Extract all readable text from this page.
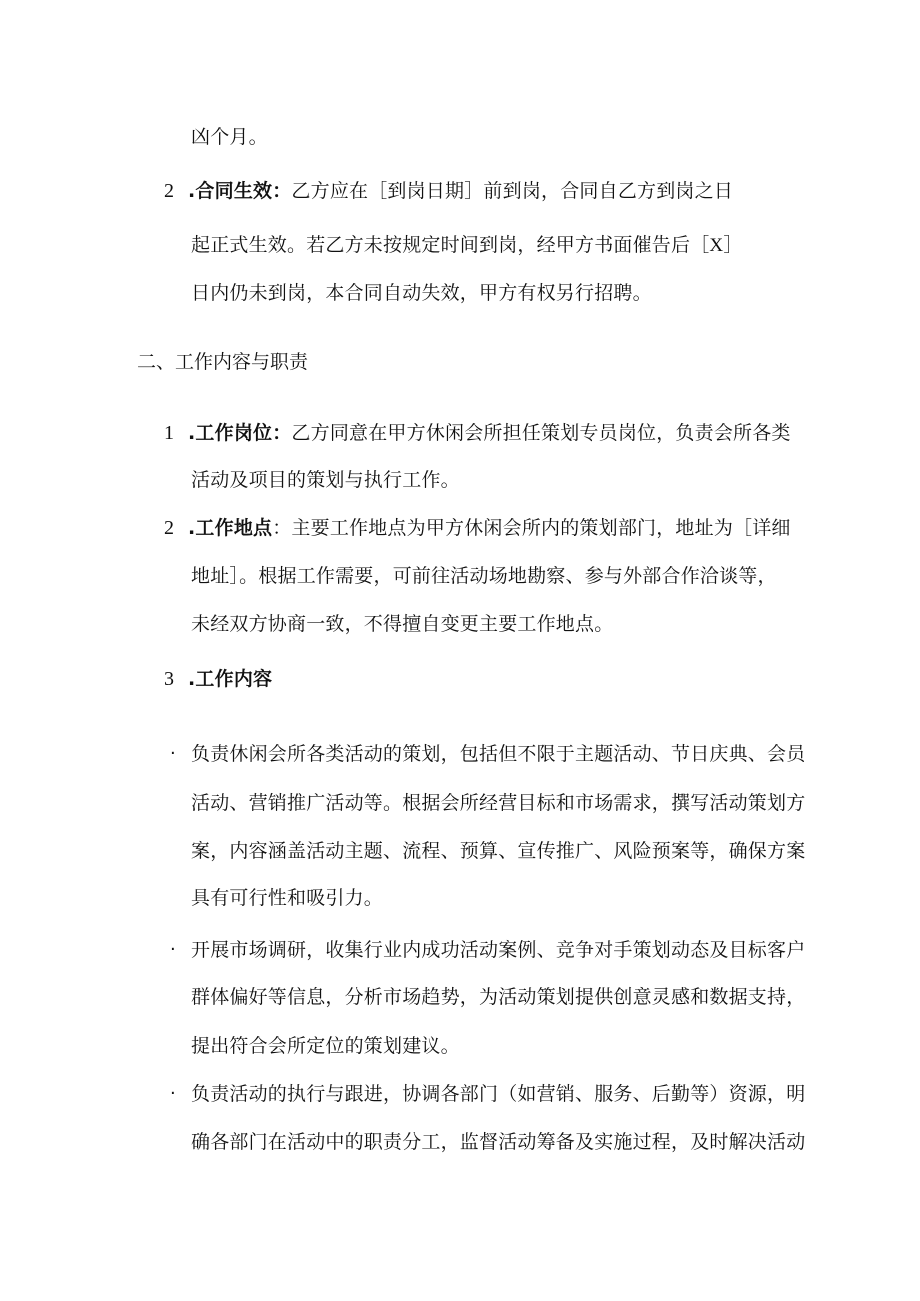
凶个月。
2 .合同生效：乙方应在［到岗日期］前到岗，合同自乙方到岗之日
起正式生效。若乙方未按规定时间到岗，经甲方书面催告后［X］
日内仍未到岗，本合同自动失效，甲方有权另行招聘。
二、工作内容与职责
1 .工作岗位：乙方同意在甲方休闲会所担任策划专员岗位，负责会所各类
活动及项目的策划与执行工作。
2 .工作地点：主要工作地点为甲方休闲会所内的策划部门，地址为［详细
地址］。根据工作需要，可前往活动场地勘察、参与外部合作洽谈等，
未经双方协商一致，不得擅自变更主要工作地点。
3 .工作内容
· 负责休闲会所各类活动的策划，包括但不限于主题活动、节日庆典、会员
活动、营销推广活动等。根据会所经营目标和市场需求，撰写活动策划方
案，内容涵盖活动主题、流程、预算、宣传推广、风险预案等，确保方案
具有可行性和吸引力。
· 开展市场调研，收集行业内成功活动案例、竞争对手策划动态及目标客户
群体偏好等信息，分析市场趋势，为活动策划提供创意灵感和数据支持，
提出符合会所定位的策划建议。
· 负责活动的执行与跟进，协调各部门（如营销、服务、后勤等）资源，明
确各部门在活动中的职责分工，监督活动筹备及实施过程，及时解决活动
